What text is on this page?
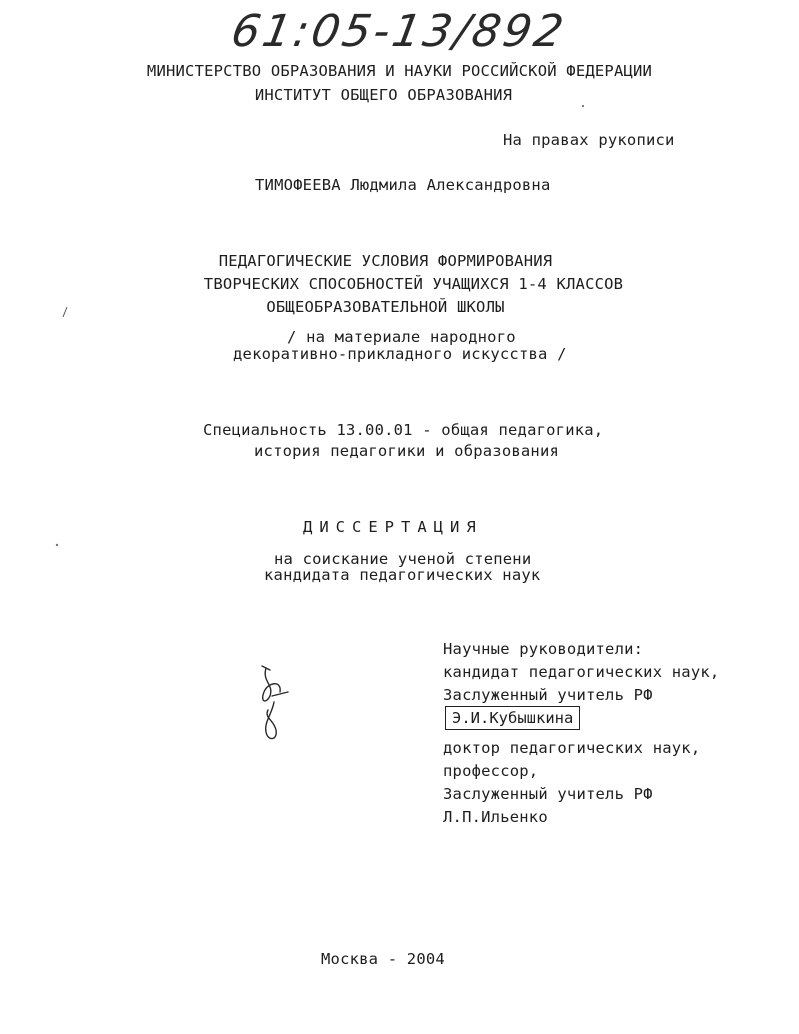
61:05-13/892
МИНИСТЕРСТВО ОБРАЗОВАНИЯ И НАУКИ РОССИЙСКОЙ ФЕДЕРАЦИИ
ИНСТИТУТ ОБЩЕГО ОБРАЗОВАНИЯ
На правах рукописи
ТИМОФЕЕВА Людмила Александровна
ПЕДАГОГИЧЕСКИЕ УСЛОВИЯ ФОРМИРОВАНИЯ
ТВОРЧЕСКИХ СПОСОБНОСТЕЙ УЧАЩИХСЯ 1-4 КЛАССОВ
ОБЩЕОБРАЗОВАТЕЛЬНОЙ ШКОЛЫ
/ на материале народного
декоративно-прикладного искусства /
Специальность 13.00.01 - общая педагогика,
история педагогики и образования
ДИССЕРТАЦИЯ
на соискание ученой степени
кандидата педагогических наук
Научные руководители:
кандидат педагогических наук,
Заслуженный учитель РФ
Э.И.Кубышкина
доктор педагогических наук,
профессор,
Заслуженный учитель РФ
Л.П.Ильенко
Москва - 2004
